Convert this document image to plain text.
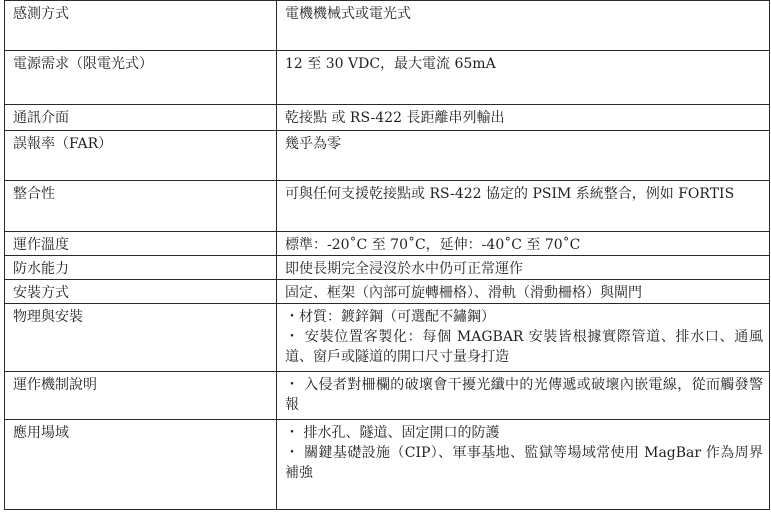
感測方式	電機機械式或電光式

電源需求（限電光式）	12 至 30 VDC，最大電流 65mA

通訊介面	乾接點 或 RS-422 長距離串列輸出

誤報率（FAR）	幾乎為零

整合性	可與任何支援乾接點或 RS-422 協定的 PSIM 系統整合，例如 FORTIS

運作溫度	標準：-20˚C 至 70˚C，延伸：-40˚C 至 70˚C

防水能力	即使長期完全浸沒於水中仍可正常運作

安裝方式	固定、框架（內部可旋轉柵格）、滑軌（滑動柵格）與閘門

物理與安裝	・材質：鍍鋅鋼（可選配不鏽鋼）
・ 安裝位置客製化：每個 MAGBAR 安裝皆根據實際管道、排水口、通風道、窗戶或隧道的開口尺寸量身打造

運作機制說明	・ 入侵者對柵欄的破壞會干擾光纖中的光傳遞或破壞內嵌電線，從而觸發警報

應用場域	・ 排水孔、隧道、固定開口的防護
・ 關鍵基礎設施（CIP）、軍事基地、監獄等場域常使用 MagBar 作為周界補強
